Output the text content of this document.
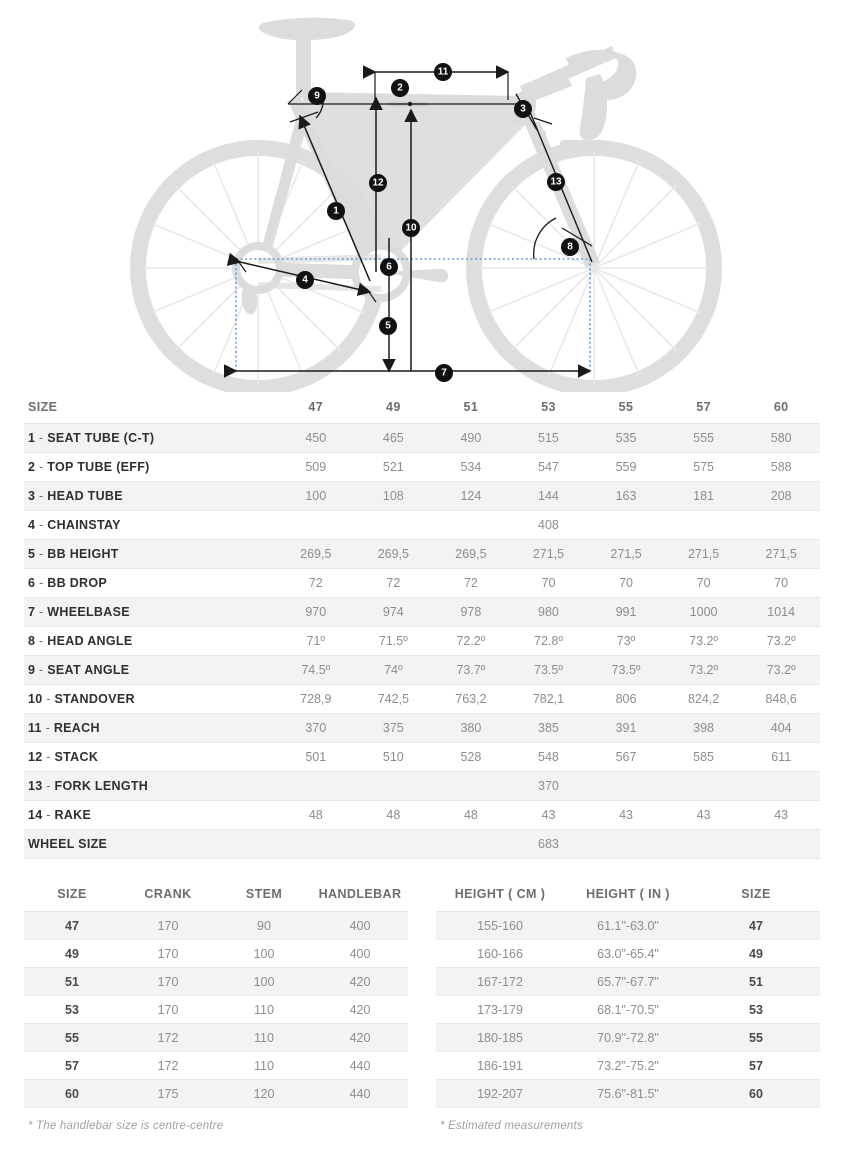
1
2
3
4
5
6
7
8
9
10
11
12	13
SIZE	47	49	51	53	55	57	60
1 - SEAT TUBE (C-T)	450	465	490	515	535	555	580
2 - TOP TUBE (EFF)	509	521	534	547	559	575	588
3 - HEAD TUBE	100	108	124	144	163	181	208
4 - CHAINSTAY				408			
5 - BB HEIGHT	269,5	269,5	269,5	271,5	271,5	271,5	271,5
6 - BB DROP	72	72	72	70	70	70	70
7 - WHEELBASE	970	974	978	980	991	1000	1014
8 - HEAD ANGLE	71º	71.5º	72.2º	72.8º	73º	73.2º	73.2º
9 - SEAT ANGLE	74.5º	74º	73.7º	73.5º	73.5º	73.2º	73.2º
10 - STANDOVER	728,9	742,5	763,2	782,1	806	824,2	848,6
11 - REACH	370	375	380	385	391	398	404
12 - STACK	501	510	528	548	567	585	611
13 - FORK LENGTH				370			
14 - RAKE	48	48	48	43	43	43	43
WHEEL SIZE				683			
SIZE	CRANK	STEM	HANDLEBAR
47	170	90	400
49	170	100	400
51	170	100	420
53	170	110	420
55	172	110	420
57	172	110	440
60	175	120	440
* The handlebar size is centre-centre
HEIGHT ( CM )	HEIGHT ( IN )	SIZE
155-160	61.1"-63.0"	47
160-166	63.0"-65.4"	49
167-172	65.7"-67.7"	51
173-179	68.1"-70.5"	53
180-185	70.9"-72.8"	55
186-191	73.2"-75.2"	57
192-207	75.6"-81.5"	60
* Estimated measurements
